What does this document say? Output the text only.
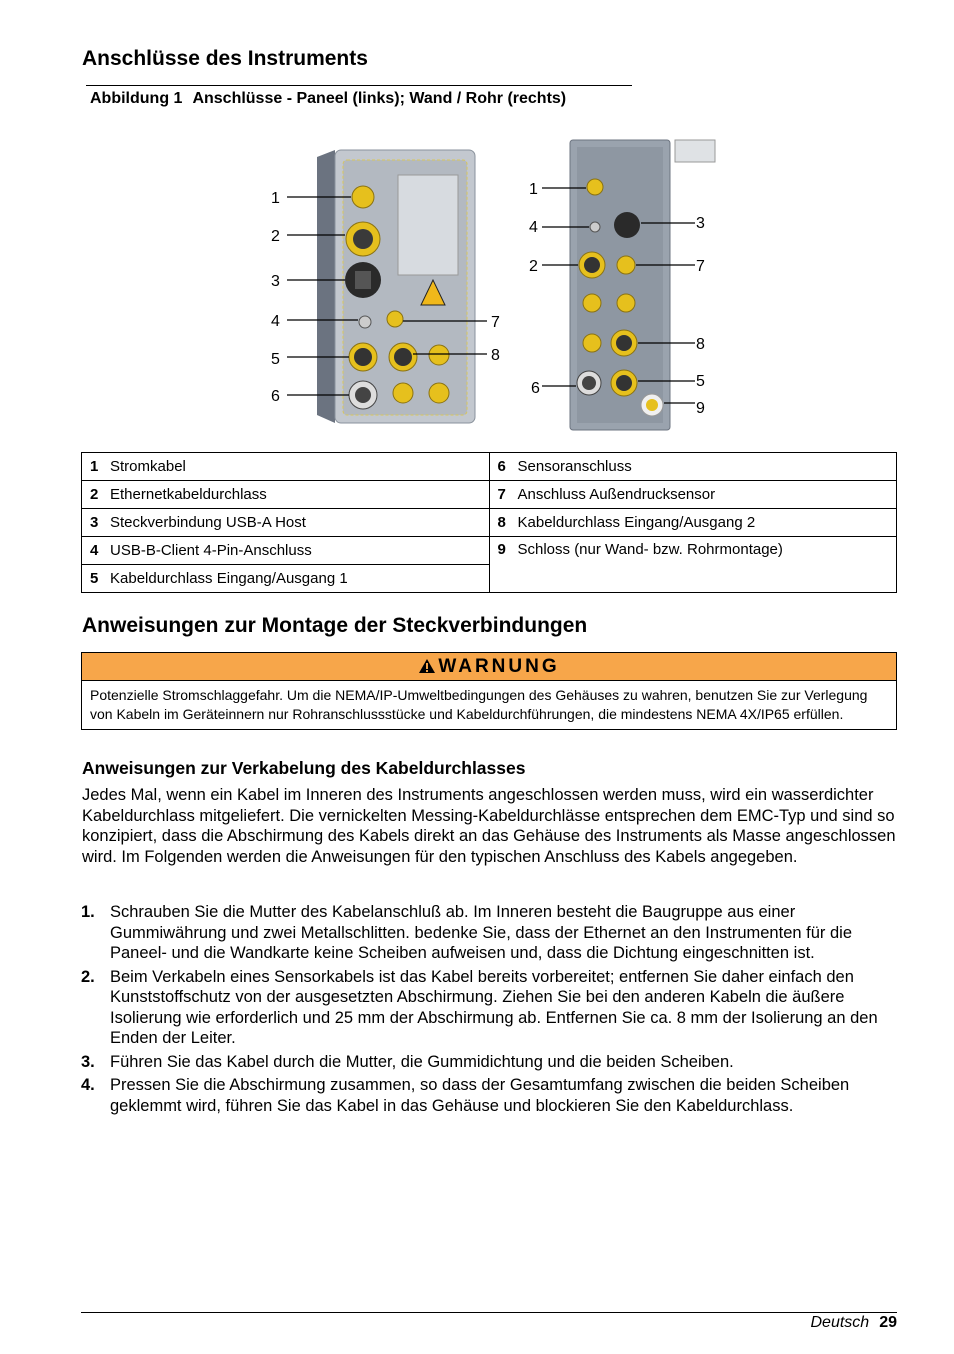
Anschlüsse des Instruments
Abbildung 1 Anschlüsse - Paneel (links); Wand / Rohr (rechts)
1
2
3
4
5
6
7
8
1
4
2
6
3
7
8
5
9
1 Stromkabel	6 Sensoranschluss
2 Ethernetkabeldurchlass	7 Anschluss Außendrucksensor
3 Steckverbindung USB-A Host	8 Kabeldurchlass Eingang/Ausgang 2
4 USB-B-Client 4-Pin-Anschluss	9 Schloss (nur Wand- bzw. Rohrmontage)
5 Kabeldurchlass Eingang/Ausgang 1	
Anweisungen zur Montage der Steckverbindungen
WARNUNG
Potenzielle Stromschlaggefahr. Um die NEMA/IP-Umweltbedingungen des Gehäuses zu wahren, benutzen Sie zur Verlegung von Kabeln im Geräteinnern nur Rohranschlussstücke und Kabeldurchführungen, die mindestens NEMA 4X/IP65 erfüllen.
Anweisungen zur Verkabelung des Kabeldurchlasses
Jedes Mal, wenn ein Kabel im Inneren des Instruments angeschlossen werden muss, wird ein wasserdichter Kabeldurchlass mitgeliefert. Die vernickelten Messing-Kabeldurchlässe entsprechen dem EMC-Typ und sind so konzipiert, dass die Abschirmung des Kabels direkt an das Gehäuse des Instruments als Masse angeschlossen wird. Im Folgenden werden die Anweisungen für den typischen Anschluss des Kabels angegeben.
1. Schrauben Sie die Mutter des Kabelanschluß ab. Im Inneren besteht die Baugruppe aus einer Gummiwährung und zwei Metallschlitten. bedenke Sie, dass der Ethernet an den Instrumenten für die Paneel- und die Wandkarte keine Scheiben aufweisen und, dass die Dichtung eingeschnitten ist.
2. Beim Verkabeln eines Sensorkabels ist das Kabel bereits vorbereitet; entfernen Sie daher einfach den Kunststoffschutz von der ausgesetzten Abschirmung. Ziehen Sie bei den anderen Kabeln die äußere Isolierung wie erforderlich und 25 mm der Abschirmung ab. Entfernen Sie ca. 8 mm der Isolierung an den Enden der Leiter.
3. Führen Sie das Kabel durch die Mutter, die Gummidichtung und die beiden Scheiben.
4. Pressen Sie die Abschirmung zusammen, so dass der Gesamtumfang zwischen die beiden Scheiben geklemmt wird, führen Sie das Kabel in das Gehäuse und blockieren Sie den Kabeldurchlass.
Deutsch 29
